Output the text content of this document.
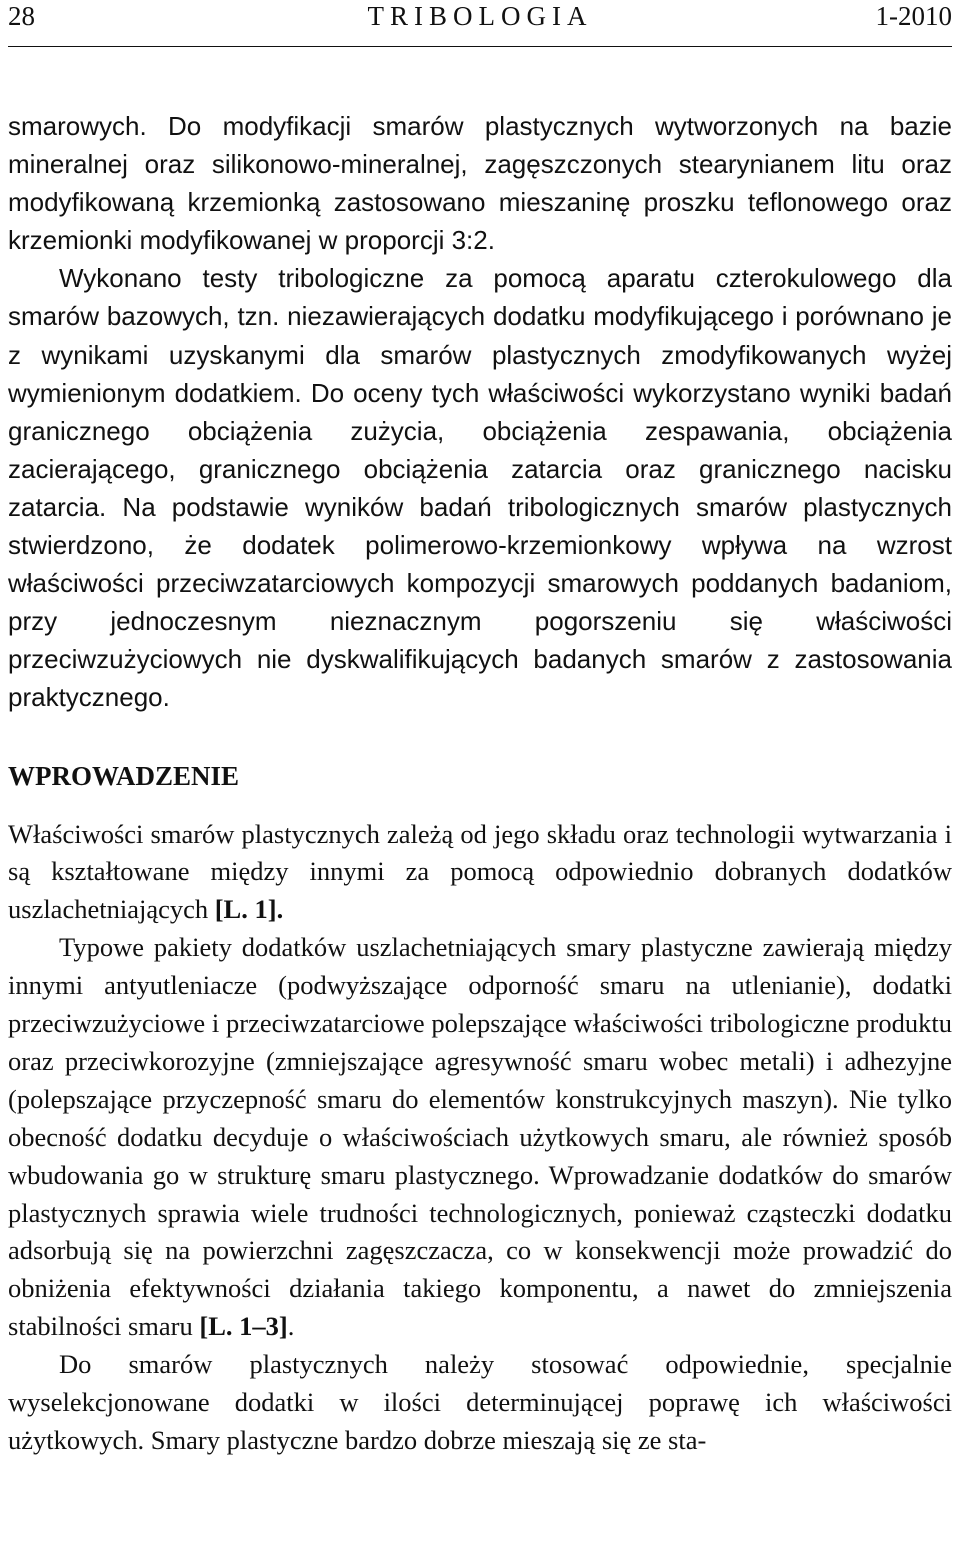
28	TRIBOLOGIA	1-2010

smarowych. Do modyfikacji smarów plastycznych wytworzonych na bazie mineralnej oraz silikonowo-mineralnej, zagęszczonych stearynianem litu oraz modyfikowaną krzemionką zastosowano mieszaninę proszku teflonowego oraz krzemionki modyfikowanej w proporcji 3:2.

Wykonano testy tribologiczne za pomocą aparatu czterokulowego dla smarów bazowych, tzn. niezawierających dodatku modyfikującego i porównano je z wynikami uzyskanymi dla smarów plastycznych zmodyfikowanych wyżej wymienionym dodatkiem. Do oceny tych właściwości wykorzystano wyniki badań granicznego obciążenia zużycia, obciążenia zespawania, obciążenia zacierającego, granicznego obciążenia zatarcia oraz granicznego nacisku zatarcia. Na podstawie wyników badań tribologicznych smarów plastycznych stwierdzono, że dodatek polimerowo-krzemionkowy wpływa na wzrost właściwości przeciwzatarciowych kompozycji smarowych poddanych badaniom, przy jednoczesnym nieznacznym pogorszeniu się właściwości przeciwzużyciowych nie dyskwalifikujących badanych smarów z zastosowania praktycznego.

WPROWADZENIE

Właściwości smarów plastycznych zależą od jego składu oraz technologii wytwarzania i są kształtowane między innymi za pomocą odpowiednio dobranych dodatków uszlachetniających [L. 1].

Typowe pakiety dodatków uszlachetniających smary plastyczne zawierają między innymi antyutleniacze (podwyższające odporność smaru na utlenianie), dodatki przeciwzużyciowe i przeciwzatarciowe polepszające właściwości tribologiczne produktu oraz przeciwkorozyjne (zmniejszające agresywność smaru wobec metali) i adhezyjne (polepszające przyczepność smaru do elementów konstrukcyjnych maszyn). Nie tylko obecność dodatku decyduje o właściwościach użytkowych smaru, ale również sposób wbudowania go w strukturę smaru plastycznego. Wprowadzanie dodatków do smarów plastycznych sprawia wiele trudności technologicznych, ponieważ cząsteczki dodatku adsorbują się na powierzchni zagęszczacza, co w konsekwencji może prowadzić do obniżenia efektywności działania takiego komponentu, a nawet do zmniejszenia stabilności smaru [L. 1–3].

Do smarów plastycznych należy stosować odpowiednie, specjalnie wyselekcjonowane dodatki w ilości determinującej poprawę ich właściwości użytkowych. Smary plastyczne bardzo dobrze mieszają się ze sta-
